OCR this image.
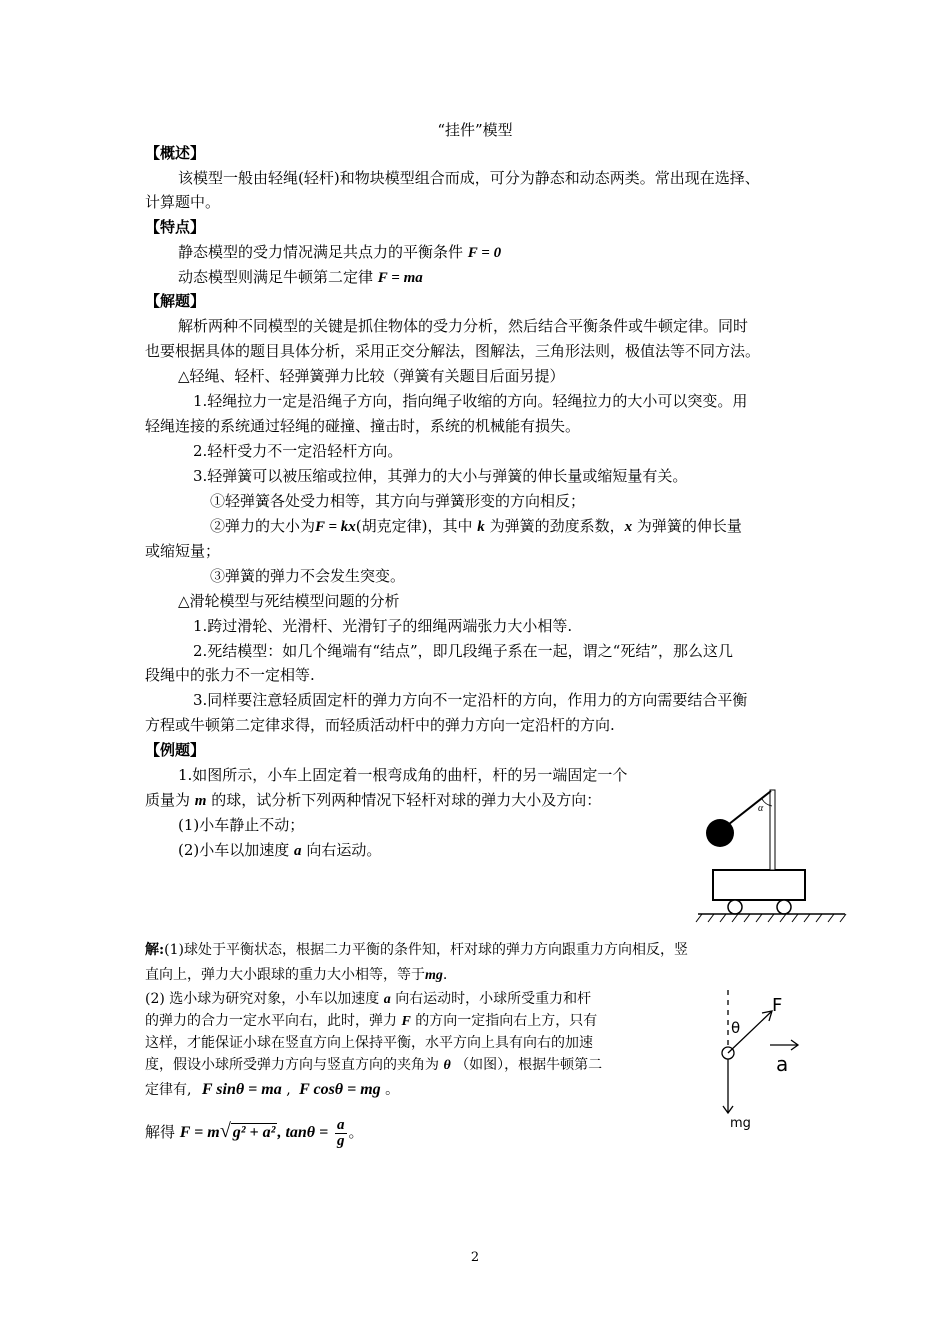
“挂件”模型
【概述】
该模型一般由轻绳(轻杆)和物块模型组合而成，可分为静态和动态两类。常出现在选择、
计算题中。
【特点】
静态模型的受力情况满足共点力的平衡条件 F = 0
动态模型则满足牛顿第二定律 F = ma
【解题】
解析两种不同模型的关键是抓住物体的受力分析，然后结合平衡条件或牛顿定律。同时
也要根据具体的题目具体分析，采用正交分解法，图解法，三角形法则，极值法等不同方法。
△轻绳、轻杆、轻弹簧弹力比较（弹簧有关题目后面另提）
1.轻绳拉力一定是沿绳子方向，指向绳子收缩的方向。轻绳拉力的大小可以突变。用
轻绳连接的系统通过轻绳的碰撞、撞击时，系统的机械能有损失。
2.轻杆受力不一定沿轻杆方向。
3.轻弹簧可以被压缩或拉伸，其弹力的大小与弹簧的伸长量或缩短量有关。
①轻弹簧各处受力相等，其方向与弹簧形变的方向相反；
②弹力的大小为F = kx(胡克定律)，其中 k 为弹簧的劲度系数，x 为弹簧的伸长量
或缩短量；
③弹簧的弹力不会发生突变。
△滑轮模型与死结模型问题的分析
1.跨过滑轮、光滑杆、光滑钉子的细绳两端张力大小相等.
2.死结模型：如几个绳端有“结点”，即几段绳子系在一起，谓之“死结”，那么这几
段绳中的张力不一定相等.
3.同样要注意轻质固定杆的弹力方向不一定沿杆的方向，作用力的方向需要结合平衡
方程或牛顿第二定律求得，而轻质活动杆中的弹力方向一定沿杆的方向.
【例题】
1.如图所示，小车上固定着一根弯成角的曲杆，杆的另一端固定一个
质量为 m 的球，试分析下列两种情况下轻杆对球的弹力大小及方向：
(1)小车静止不动；
(2)小车以加速度 a 向右运动。
α
解:(1)球处于平衡状态，根据二力平衡的条件知，杆对球的弹力方向跟重力方向相反，竖
直向上，弹力大小跟球的重力大小相等，等于mg.
(2) 选小球为研究对象，小车以加速度 a 向右运动时，小球所受重力和杆
的弹力的合力一定水平向右，此时，弹力 F 的方向一定指向右上方，只有
这样，才能保证小球在竖直方向上保持平衡，水平方向上具有向右的加速
度，假设小球所受弹力方向与竖直方向的夹角为 θ （如图），根据牛顿第二
定律有, F sinθ = ma , F cosθ = mg 。
解得 F = m√ g² + a² , $\tan\theta = \frac{a}{g}$ 。
F
θ
a
mg
2
